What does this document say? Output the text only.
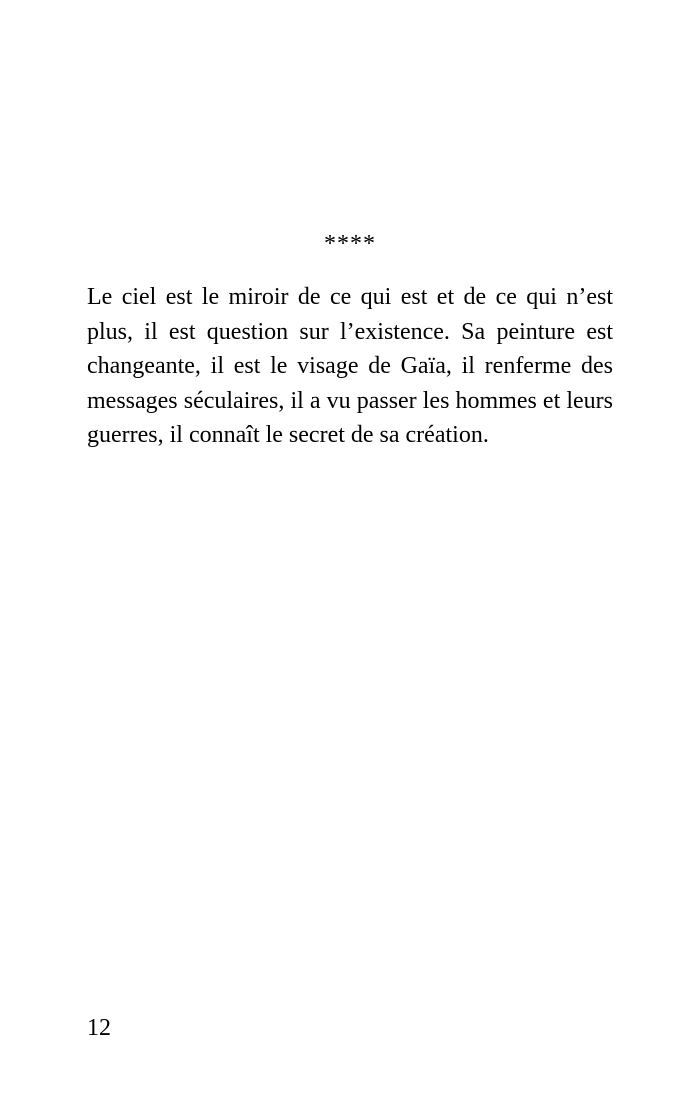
****

Le ciel est le miroir de ce qui est et de ce qui n’est plus, il est question sur l’existence. Sa peinture est changeante, il est le visage de Gaïa, il renferme des messages séculaires, il a vu passer les hommes et leurs guerres, il connaît le secret de sa création.

12
